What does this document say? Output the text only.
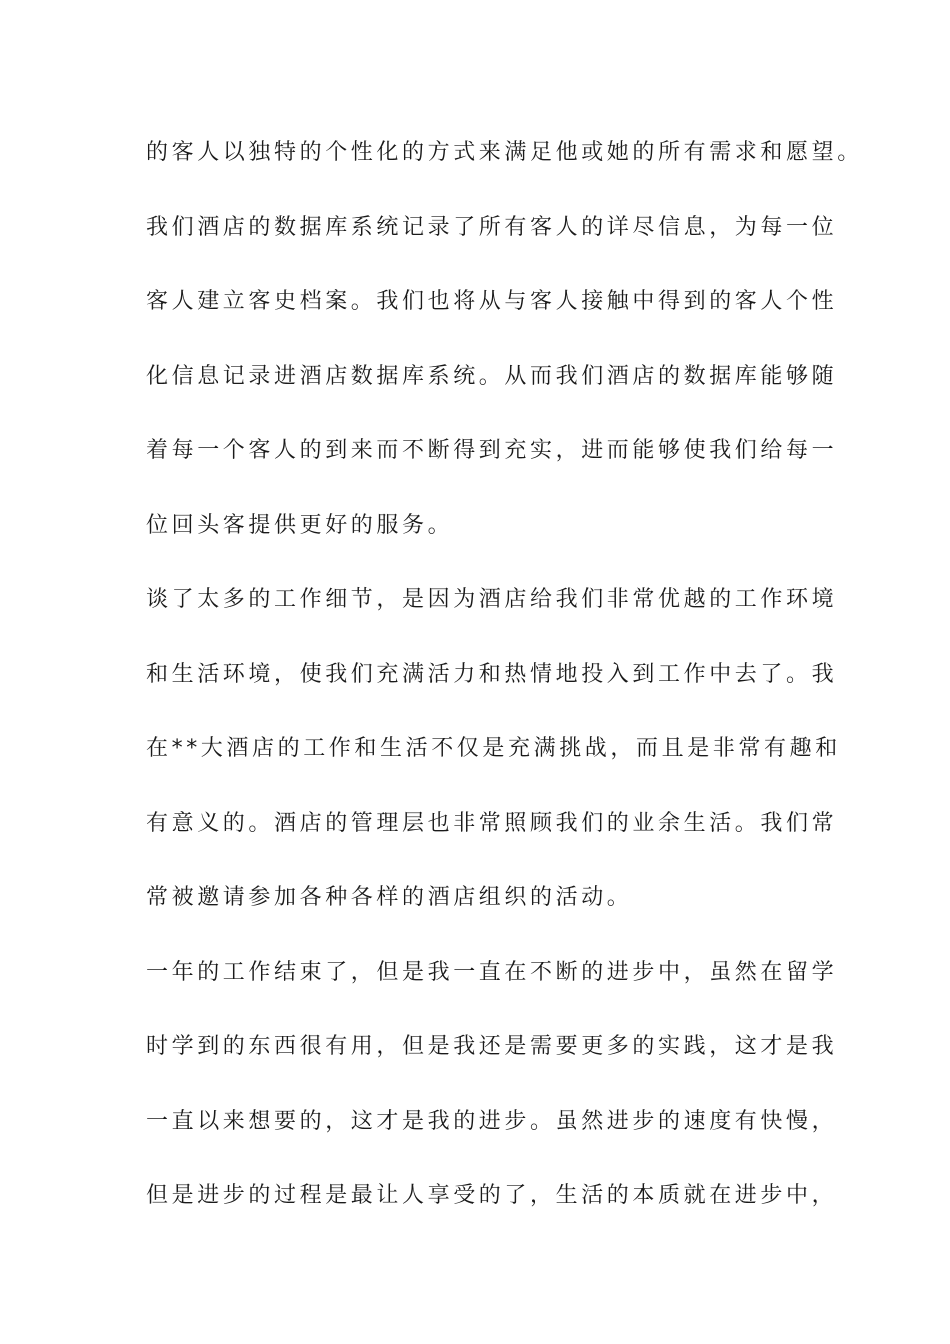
的客人以独特的个性化的方式来满足他或她的所有需求和愿望。
我们酒店的数据库系统记录了所有客人的详尽信息，为每一位
客人建立客史档案。我们也将从与客人接触中得到的客人个性
化信息记录进酒店数据库系统。从而我们酒店的数据库能够随
着每一个客人的到来而不断得到充实，进而能够使我们给每一
位回头客提供更好的服务。
谈了太多的工作细节，是因为酒店给我们非常优越的工作环境
和生活环境，使我们充满活力和热情地投入到工作中去了。我
在**大酒店的工作和生活不仅是充满挑战，而且是非常有趣和
有意义的。酒店的管理层也非常照顾我们的业余生活。我们常
常被邀请参加各种各样的酒店组织的活动。
一年的工作结束了，但是我一直在不断的进步中，虽然在留学
时学到的东西很有用，但是我还是需要更多的实践，这才是我
一直以来想要的，这才是我的进步。虽然进步的速度有快慢，
但是进步的过程是最让人享受的了，生活的本质就在进步中，
